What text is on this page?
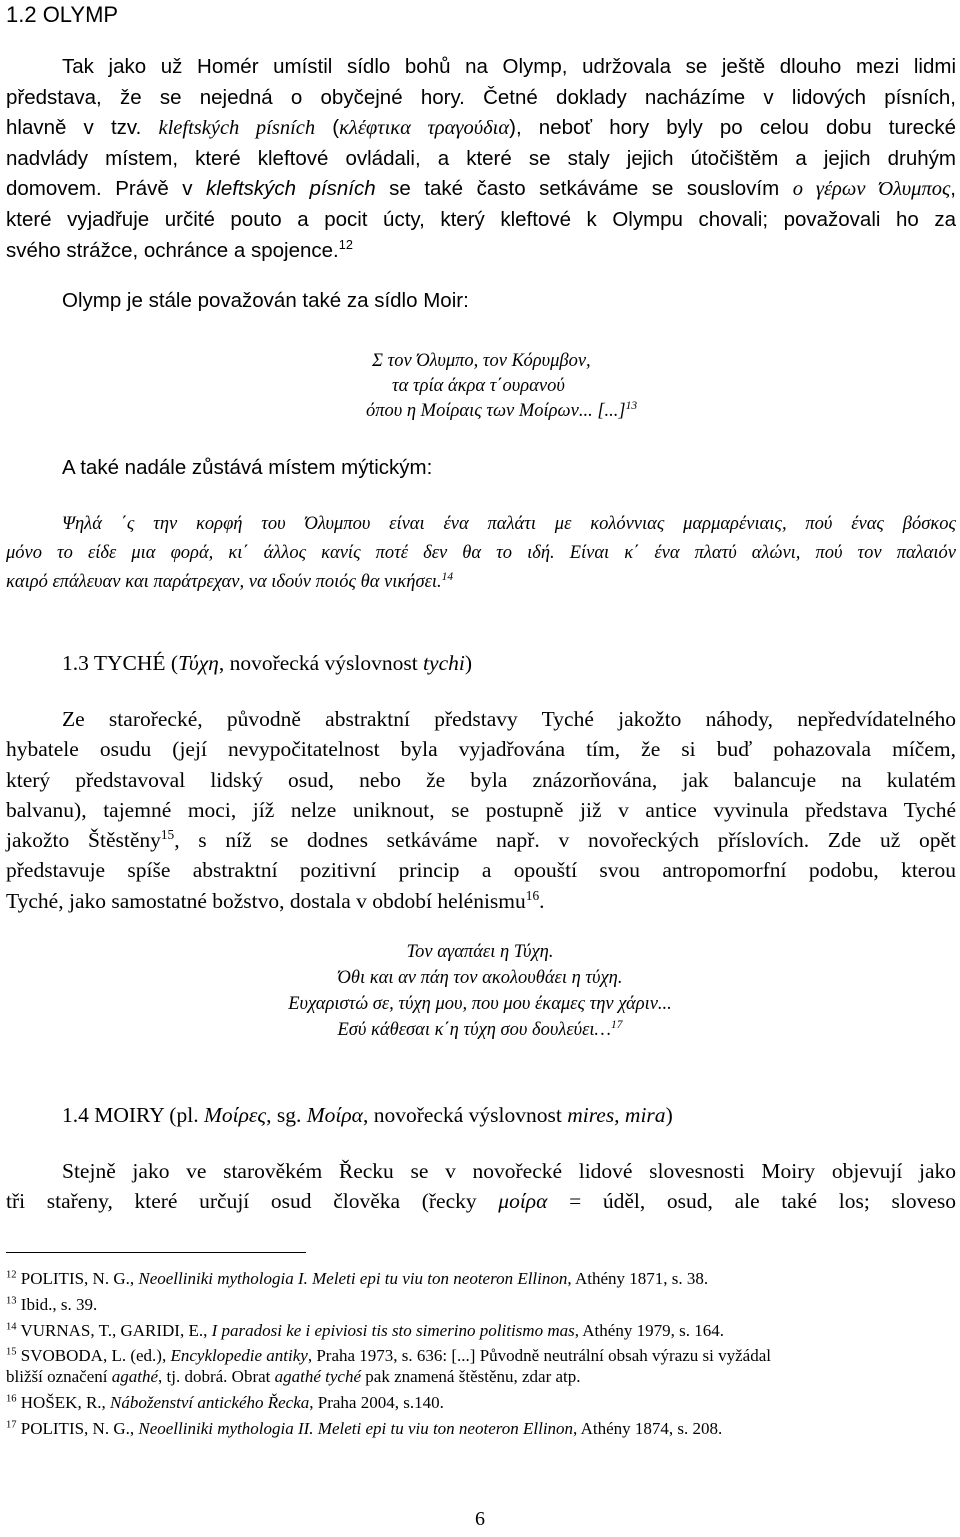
1.2 OLYMP
Tak jako už Homér umístil sídlo bohů na Olymp, udržovala se ještě dlouho mezi lidmi
představa, že se nejedná o obyčejné hory. Četné doklady nacházíme v lidových písních,
hlavně v tzv. kleftských písních (κλέφτικα τραγούδια), neboť hory byly po celou dobu turecké
nadvlády místem, které kleftové ovládali, a které se staly jejich útočištěm a jejich druhým
domovem. Právě v kleftských písních se také často setkáváme se souslovím ο γέρων Όλυμπος,
které vyjadřuje určité pouto a pocit úcty, který kleftové k Olympu chovali; považovali ho za
svého strážce, ochránce a spojence.$^{12}$
Olymp je stále považován také za sídlo Moir:
Σ τον Όλυμπο, τον Κόρυμβον,
τα τρία άκρα τ΄ουρανού
όπου η Μοίραις των Μοίρων... [...]$^{13}$
A také nadále zůstává místem mýtickým:
Ψηλά ΄ς την κορφή του Όλυμπου είναι ένα παλάτι με κολόννιας μαρμαρένιαις, πού ένας βόσκος
μόνο το είδε μια φορά, κι΄ άλλος κανίς ποτέ δεν θα το ιδή. Είναι κ΄ ένα πλατύ αλώνι, πού τον παλαιόν
καιρό επάλευαν και παράτρεχαν, να ιδούν ποιός θα νικήσει.$^{14}$
1.3 TYCHÉ (Τύχη, novořecká výslovnost tychi)
Ze starořecké, původně abstraktní představy Tyché jakožto náhody, nepředvídatelného
hybatele osudu (její nevypočitatelnost byla vyjadřována tím, že si buď pohazovala míčem,
který představoval lidský osud, nebo že byla znázorňována, jak balancuje na kulatém
balvanu), tajemné moci, jíž nelze uniknout, se postupně již v antice vyvinula představa Tyché
jakožto Štěstěny$^{15}$, s níž se dodnes setkáváme např. v novořeckých příslovích. Zde už opět
představuje spíše abstraktní pozitivní princip a opouští svou antropomorfní podobu, kterou
Tyché, jako samostatné božstvo, dostala v období helénismu$^{16}$.
Τον αγαπάει η Τύχη.
Όθι και αν πάη τον ακολουθάει η τύχη.
Ευχαριστώ σε, τύχη μου, που μου έκαμες την χάριν...
Εσύ κάθεσαι κ΄η τύχη σου δουλεύει…$^{17}$
1.4 MOIRY (pl. Μοίρες, sg. Μοίρα, novořecká výslovnost mires, mira)
Stejně jako ve starověkém Řecku se v novořecké lidové slovesnosti Moiry objevují jako
tři stařeny, které určují osud člověka (řecky μοίρα = úděl, osud, ale také los; sloveso
$^{12}$ POLITIS, N. G., Neoelliniki mythologia I. Meleti epi tu viu ton neoteron Ellinon, Athény 1871, s. 38.
$^{13}$ Ibid., s. 39.
$^{14}$ VURNAS, T., GARIDI, E., I paradosi ke i epiviosi tis sto simerino politismo mas, Athény 1979, s. 164.
$^{15}$ SVOBODA, L. (ed.), Encyklopedie antiky, Praha 1973, s. 636: [...] Původně neutrální obsah výrazu si vyžádal
bližší označení agathé, tj. dobrá. Obrat agathé tyché pak znamená štěstěnu, zdar atp.
$^{16}$ HOŠEK, R., Náboženství antického Řecka, Praha 2004, s.140.
$^{17}$ POLITIS, N. G., Neoelliniki mythologia II. Meleti epi tu viu ton neoteron Ellinon, Athény 1874, s. 208.
6
